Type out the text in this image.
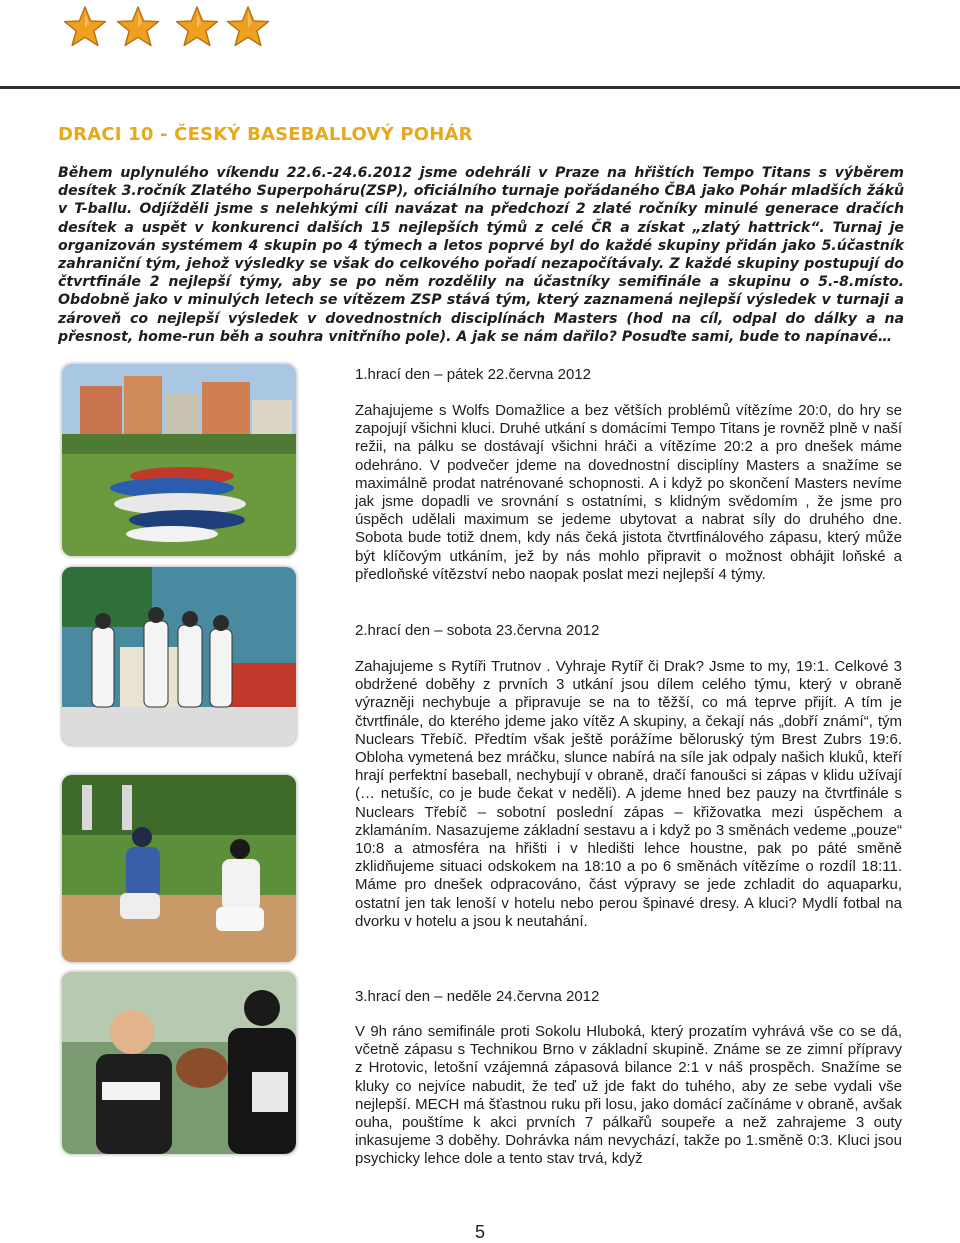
DRACI 10 - ČESKÝ BASEBALLOVÝ POHÁR

Během uplynulého víkendu 22.6.-24.6.2012 jsme odehráli v Praze na hřištích Tempo Titans s výběrem desítek 3.ročník Zlatého Superpoháru(ZSP), oficiálního turnaje pořádaného ČBA jako Pohár mladších žáků v T-ballu. Odjížděli jsme s nelehkými cíli navázat na předchozí 2 zlaté ročníky minulé generace dračích desítek a uspět v konkurenci dalších 15 nejlepších týmů z celé ČR a získat „zlatý hattrick“. Turnaj je organizován systémem 4 skupin po 4 týmech a letos poprvé byl do každé skupiny přidán jako 5.účastník zahraniční tým, jehož výsledky se však do celkového pořadí nezapočítávaly. Z každé skupiny postupují do čtvrtfinále 2 nejlepší týmy, aby se po něm rozdělily na účastníky semifinále a skupinu o 5.-8.místo. Obdobně jako v minulých letech se vítězem ZSP stává tým, který zaznamená nejlepší výsledek v turnaji a zároveň co nejlepší výsledek v dovednostních disciplínách Masters (hod na cíl, odpal do dálky a na přesnost, home-run běh a souhra vnitřního pole). A jak se nám dařilo? Posuďte sami, bude to napínavé…

1.hrací den – pátek 22.června 2012

Zahajujeme s Wolfs Domažlice a bez větších problémů vítězíme 20:0, do hry se zapojují všichni kluci. Druhé utkání s domácími Tempo Titans je rovněž plně v naší režii, na pálku se dostávají všichni hráči a vítězíme 20:2 a pro dnešek máme odehráno. V podvečer jdeme na dovednostní disciplíny Masters a snažíme se maximálně prodat natrénované schopnosti. A i když po skončení Masters nevíme jak jsme dopadli ve srovnání s ostatními, s klidným svědomím , že jsme pro úspěch udělali maximum se jedeme ubytovat a nabrat síly do druhého dne. Sobota bude totiž dnem, kdy nás čeká jistota čtvrtfinálového zápasu, který může být klíčovým utkáním, jež by nás mohlo připravit o možnost obhájit loňské a předloňské vítězství nebo naopak poslat mezi nejlepší 4 týmy.

2.hrací den – sobota 23.června 2012

Zahajujeme s Rytíři Trutnov . Vyhraje Rytíř či Drak? Jsme to my, 19:1. Celkové 3 obdržené doběhy z prvních 3 utkání jsou dílem celého týmu, který v obraně výrazněji nechybuje a připravuje se na to těžší, co má teprve přijít. A tím je čtvrtfinále, do kterého jdeme jako vítěz A skupiny, a čekají nás „dobří známí“, tým Nuclears Třebíč. Předtím však ještě porážíme běloruský tým Brest Zubrs 19:6. Obloha vymetená bez mráčku, slunce nabírá na síle jak odpaly našich kluků, kteří hrají perfektní baseball, nechybují v obraně, dračí fanoušci si zápas v klidu užívají (… netušíc, co je bude čekat v neděli). A jdeme hned bez pauzy na čtvrtfinále s Nuclears Třebíč – sobotní poslední zápas – křižovatka mezi úspěchem a zklamáním. Nasazujeme základní sestavu a i když po 3 směnách vedeme „pouze“ 10:8 a atmosféra na hřišti i v hledišti lehce houstne, pak po páté směně zklidňujeme situaci odskokem na 18:10 a po 6 směnách vítězíme o rozdíl 18:11. Máme pro dnešek odpracováno, část výpravy se jede zchladit do aquaparku, ostatní jen tak lenoší v hotelu nebo perou špinavé dresy. A kluci? Mydlí fotbal na dvorku v hotelu a jsou k neutahání.

3.hrací den – neděle 24.června 2012

V 9h ráno semifinále proti Sokolu Hluboká, který prozatím vyhrává vše co se dá, včetně zápasu s Technikou Brno v základní skupině. Známe se ze zimní přípravy z Hrotovic, letošní vzájemná zápasová bilance 2:1 v náš prospěch. Snažíme se kluky co nejvíce nabudit, že teď už jde fakt do tuhého, aby ze sebe vydali vše nejlepší. MECH má šťastnou ruku při losu, jako domácí začínáme v obraně, avšak ouha, pouštíme k akci prvních 7 pálkařů soupeře a než zahrajeme 3 outy inkasujeme 3 doběhy. Dohrávka nám nevychází, takže po 1.směně 0:3. Kluci jsou psychicky lehce dole a tento stav trvá, když

5
